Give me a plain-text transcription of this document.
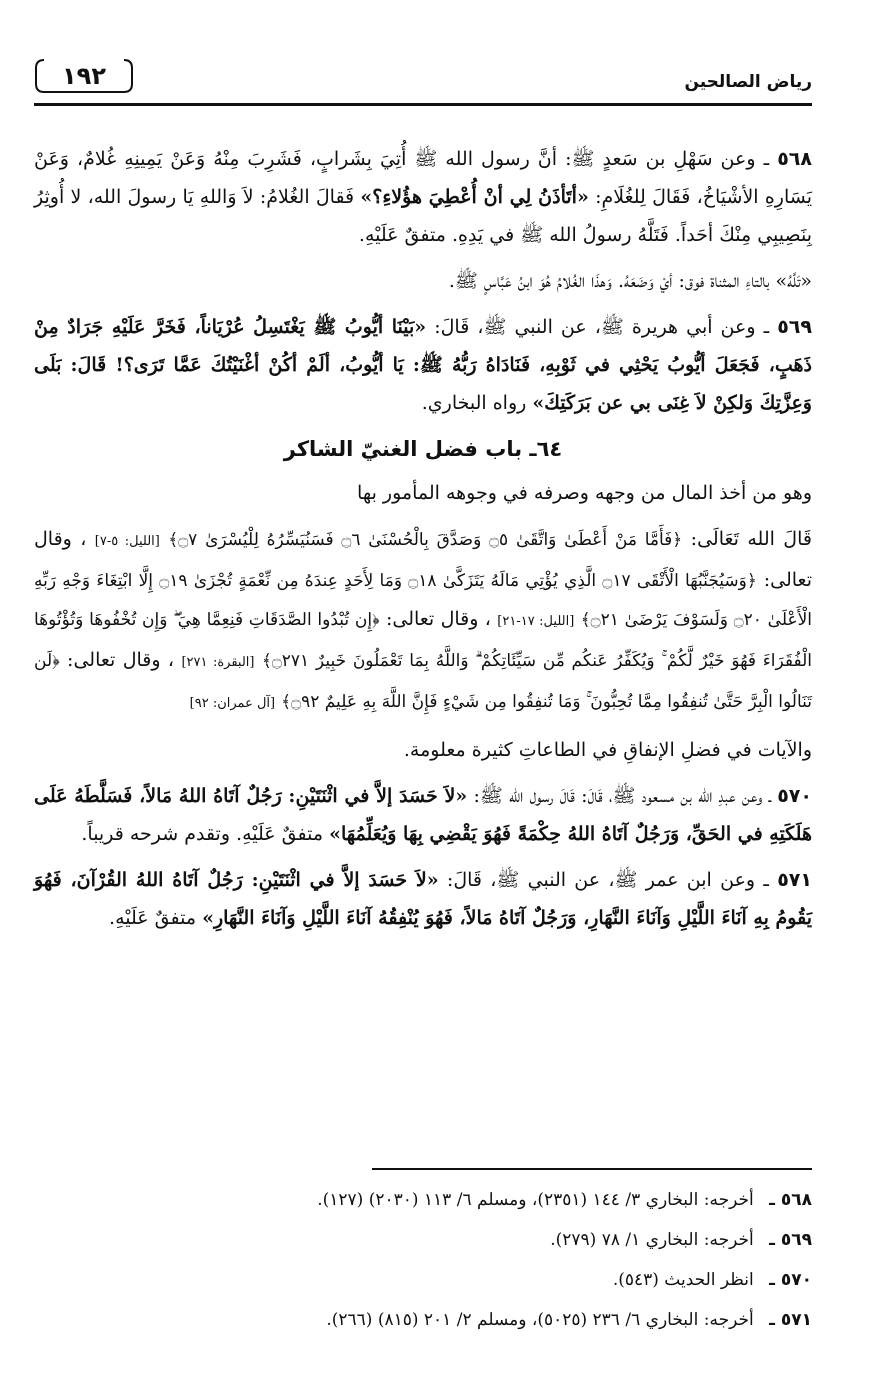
١٩٢	رياض الصالحين

٥٦٨ ـ وعن سَهْلِ بن سَعدٍ ﷺ: أنَّ رسول الله ﷺ أُتِيَ بِشَرابٍ، فَشَرِبَ مِنْهُ وَعَنْ يَمِينِهِ غُلامٌ، وَعَنْ يَسَارِهِ الأشْيَاخُ، فَقَالَ لِلغُلَامِ: «أتَأذَنُ لِي أنْ أُعْطِيَ هؤُلاءِ؟» فَقالَ الغُلامُ: لاَ وَاللهِ يَا رسولَ الله، لا أُوثِرُ بِنَصِيبِي مِنْكَ أحَداً. فَتَلَّهُ رسولُ الله ﷺ في يَدِهِ. متفقٌ عَلَيْهِ.

«تَلَّهُ» بالتاءِ المثناة فوق: أيْ وَضَعَهُ. وَهذَا الغُلامُ هُوَ ابنُ عَبَّاسٍ ﷺ.

٥٦٩ ـ وعن أبي هريرة ﷺ، عن النبي ﷺ، قَالَ: «بَيْنَا أيُّوبُ ﷺ يَغْتَسِلُ عُرْيَاناً، فَخَرَّ عَلَيْهِ جَرَادٌ مِنْ ذَهَبٍ، فَجَعَلَ أيُّوبُ يَحْثِي في ثَوْبِهِ، فَنَادَاهُ رَبُّهُ ﷺ: يَا أيُّوبُ، ألَمْ أكُنْ أغْنَيْتُكَ عَمَّا تَرَى؟! قَالَ: بَلَى وَعِزَّتِكَ وَلكِنْ لاَ غِنَى بي عن بَرَكَتِكَ» رواه البخاري.

٦٤ـ باب فضل الغنيّ الشاكر

وهو من أخذ المال من وجهه وصرفه في وجوهه المأمور بها

قَالَ الله تَعَالَى: ﴿فَأَمَّا مَنْ أَعْطَىٰ وَاتَّقَىٰ ۝٥ وَصَدَّقَ بِالْحُسْنَىٰ ۝٦ فَسَنُيَسِّرُهُ لِلْيُسْرَىٰ ۝٧﴾ [الليل: ٥-٧] ، وقال تعالى: ﴿وَسَيُجَنَّبُهَا الْأَتْقَى ۝١٧ الَّذِي يُؤْتِي مَالَهُ يَتَزَكَّىٰ ۝١٨ وَمَا لِأَحَدٍ عِندَهُ مِن نِّعْمَةٍ تُجْزَىٰ ۝١٩ إِلَّا ابْتِغَاءَ وَجْهِ رَبِّهِ الْأَعْلَىٰ ۝٢٠ وَلَسَوْفَ يَرْضَىٰ ۝٢١﴾ [الليل: ١٧-٢١] ، وقال تعالى: ﴿إِن تُبْدُوا الصَّدَقَاتِ فَنِعِمَّا هِيَ ۖ وَإِن تُخْفُوهَا وَتُؤْتُوهَا الْفُقَرَاءَ فَهُوَ خَيْرٌ لَّكُمْ ۚ وَيُكَفِّرُ عَنكُم مِّن سَيِّئَاتِكُمْ ۗ وَاللَّهُ بِمَا تَعْمَلُونَ خَبِيرٌ ۝٢٧١﴾ [البقرة: ٢٧١] ، وقال تعالى: ﴿لَن تَنَالُوا الْبِرَّ حَتَّىٰ تُنفِقُوا مِمَّا تُحِبُّونَ ۚ وَمَا تُنفِقُوا مِن شَيْءٍ فَإِنَّ اللَّهَ بِهِ عَلِيمٌ ۝٩٢﴾ [آل عمران: ٩٢]

والآيات في فضلِ الإنفاقِ في الطاعاتِ كثيرة معلومة.

٥٧٠ ـ وعن عبدِ الله بن مسعود ﷺ، قَالَ: قَالَ رسول الله ﷺ: «لاَ حَسَدَ إلاَّ في اثْنَتَيْنِ: رَجُلٌ آتَاهُ اللهُ مَالاً، فَسَلَّطَهُ عَلَى هَلَكَتِهِ في الحَقِّ، وَرَجُلٌ آتَاهُ اللهُ حِكْمَةً فَهُوَ يَقْضِي بِهَا وَيُعَلِّمُهَا» متفقٌ عَلَيْهِ. وتقدم شرحه قريباً.

٥٧١ ـ وعن ابن عمر ﷺ، عن النبي ﷺ، قَالَ: «لاَ حَسَدَ إلاَّ في اثْنَتَيْنِ: رَجُلٌ آتَاهُ اللهُ القُرْآنَ، فَهُوَ يَقُومُ بِهِ آنَاءَ اللَّيْلِ وَآنَاءَ النَّهَارِ، وَرَجُلٌ آتَاهُ مَالاً، فَهُوَ يُنْفِقُهُ آنَاءَ اللَّيْلِ وَآنَاءَ النَّهَارِ» متفقٌ عَلَيْهِ.

٥٦٨ ـ أخرجه: البخاري ٣/ ١٤٤ (٢٣٥١)، ومسلم ٦/ ١١٣ (٢٠٣٠) (١٢٧).

٥٦٩ ـ أخرجه: البخاري ١/ ٧٨ (٢٧٩).

٥٧٠ ـ انظر الحديث (٥٤٣).

٥٧١ ـ أخرجه: البخاري ٦/ ٢٣٦ (٥٠٢٥)، ومسلم ٢/ ٢٠١ (٨١٥) (٢٦٦).
